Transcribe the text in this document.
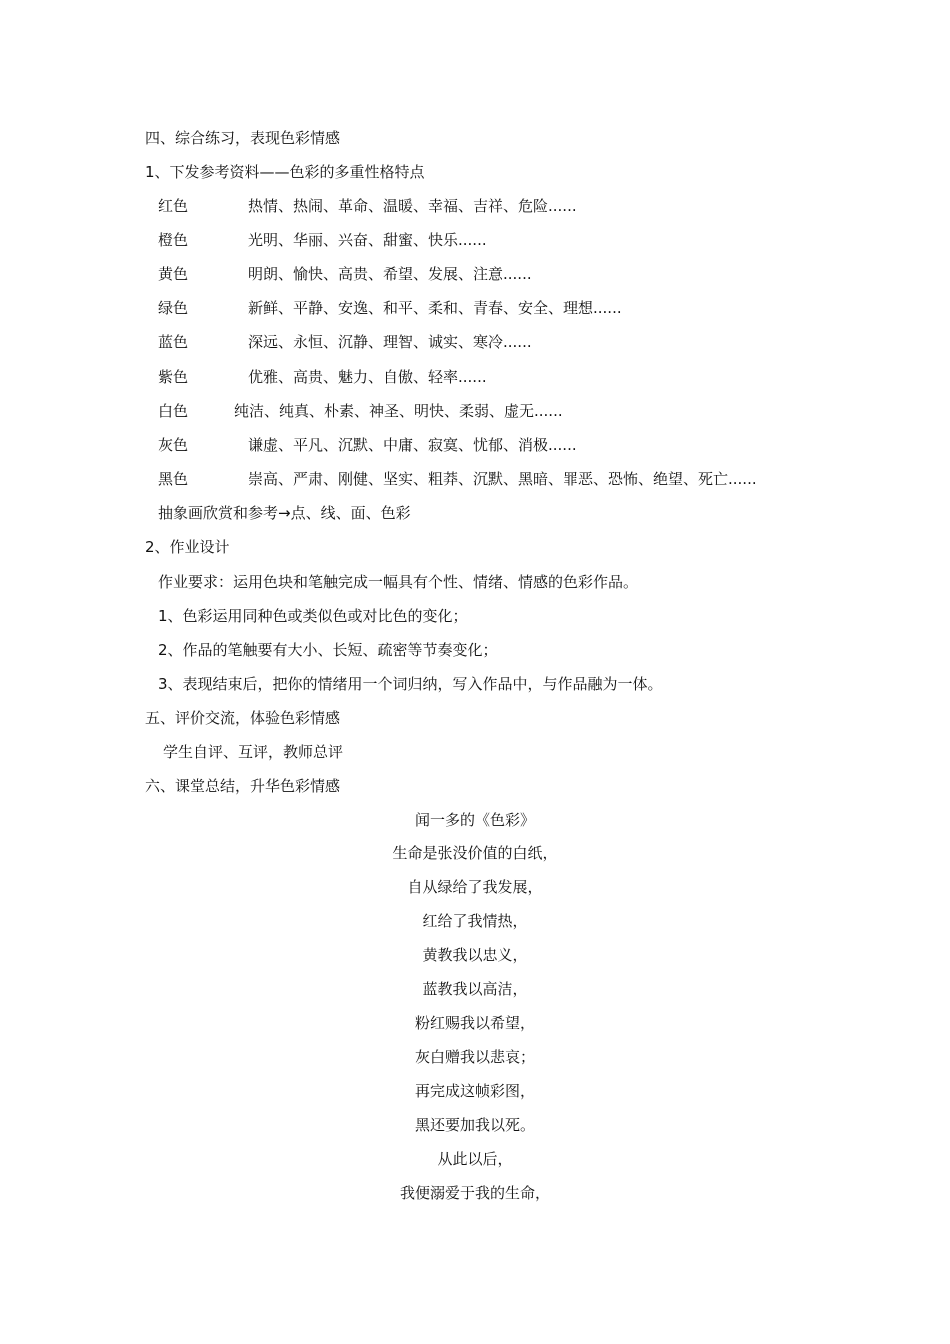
四、综合练习，表现色彩情感
1、下发参考资料——色彩的多重性格特点
红色	热情、热闹、革命、温暖、幸福、吉祥、危险......
橙色	光明、华丽、兴奋、甜蜜、快乐......
黄色	明朗、愉快、高贵、希望、发展、注意......
绿色	新鲜、平静、安逸、和平、柔和、青春、安全、理想......
蓝色	深远、永恒、沉静、理智、诚实、寒冷......
紫色	优雅、高贵、魅力、自傲、轻率......
白色	纯洁、纯真、朴素、神圣、明快、柔弱、虚无......
灰色	谦虚、平凡、沉默、中庸、寂寞、忧郁、消极......
黑色	崇高、严肃、刚健、坚实、粗莽、沉默、黑暗、罪恶、恐怖、绝望、死亡......
抽象画欣赏和参考→点、线、面、色彩
2、作业设计
作业要求：运用色块和笔触完成一幅具有个性、情绪、情感的色彩作品。
1、色彩运用同种色或类似色或对比色的变化；
2、作品的笔触要有大小、长短、疏密等节奏变化；
3、表现结束后，把你的情绪用一个词归纳，写入作品中，与作品融为一体。
五、评价交流，体验色彩情感
学生自评、互评，教师总评
六、课堂总结，升华色彩情感
闻一多的《色彩》
生命是张没价值的白纸，
自从绿给了我发展，
红给了我情热，
黄教我以忠义，
蓝教我以高洁，
粉红赐我以希望，
灰白赠我以悲哀；
再完成这帧彩图，
黑还要加我以死。
从此以后，
我便溺爱于我的生命，
